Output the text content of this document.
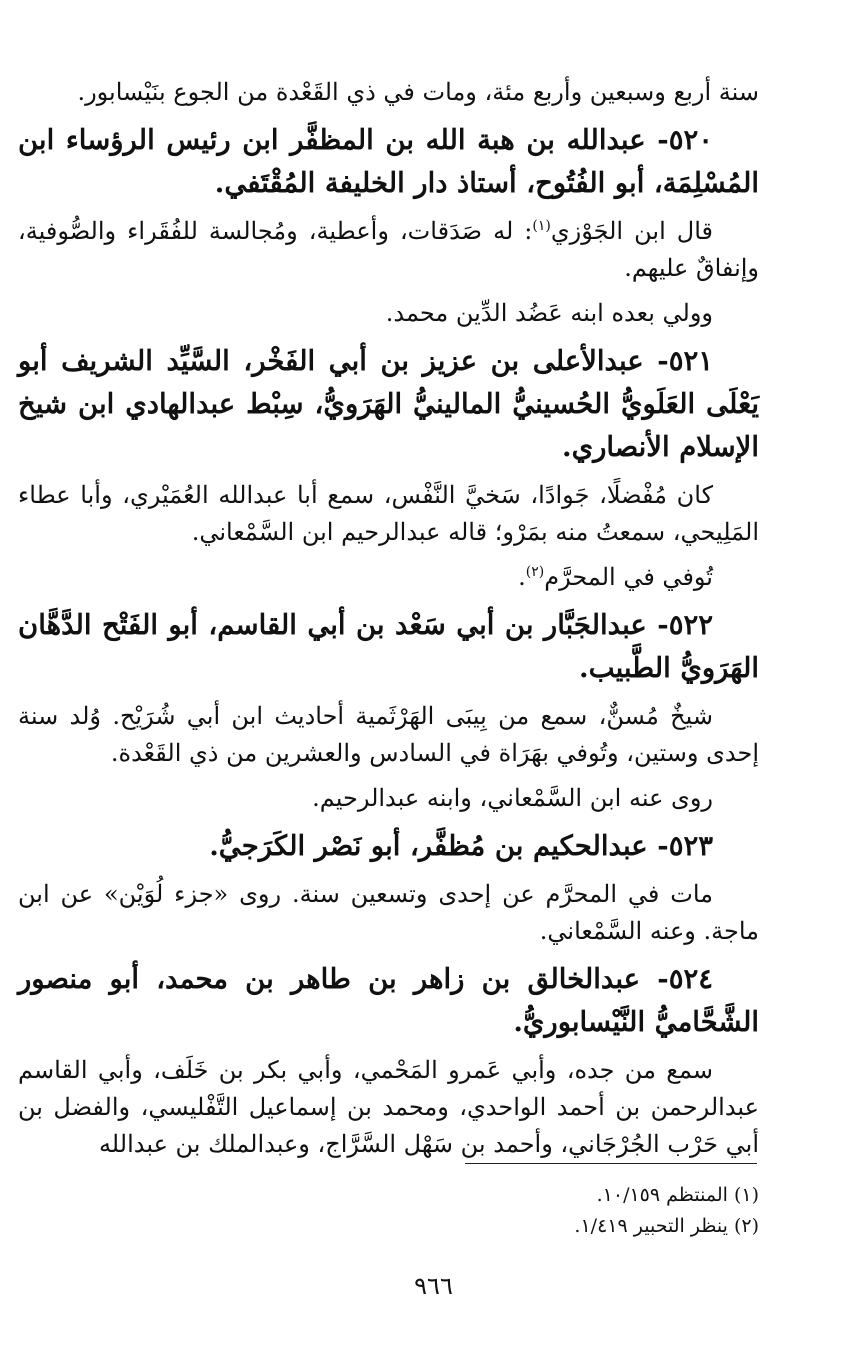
سنة أربع وسبعين وأربع مئة، ومات في ذي القَعْدة من الجوع بنَيْسابور.

٥٢٠- عبدالله بن هبة الله بن المظفَّر ابن رئيس الرؤساء ابن المُسْلِمَة، أبو الفُتُوح، أستاذ دار الخليفة المُقْتَفي.

قال ابن الجَوْزي$^{(١)}$: له صَدَقات، وأعطية، ومُجالسة للفُقَراء والصُّوفية، وإنفاقٌ عليهم.

وولي بعده ابنه عَضُد الدِّين محمد.

٥٢١- عبدالأعلى بن عزيز بن أبي الفَخْر، السَّيِّد الشريف أبو يَعْلَى العَلَويُّ الحُسينيُّ المالينيُّ الهَرَويُّ، سِبْط عبدالهادي ابن شيخ الإسلام الأنصاري.

كان مُفْضلًا، جَوادًا، سَخيَّ النَّفْس، سمع أبا عبدالله العُمَيْري، وأبا عطاء المَلِيحي، سمعتُ منه بمَرْو؛ قاله عبدالرحيم ابن السَّمْعاني.

تُوفي في المحرَّم$^{(٢)}$.

٥٢٢- عبدالجَبَّار بن أبي سَعْد بن أبي القاسم، أبو الفَتْح الدَّهَّان الهَرَويُّ الطَّبيب.

شيخٌ مُسنٌّ، سمع من بِيبَى الهَرْثَمية أحاديث ابن أبي شُرَيْح. وُلد سنة إحدى وستين، وتُوفي بهَرَاة في السادس والعشرين من ذي القَعْدة.

روى عنه ابن السَّمْعاني، وابنه عبدالرحيم.

٥٢٣- عبدالحكيم بن مُظفَّر، أبو نَصْر الكَرَجيُّ.

مات في المحرَّم عن إحدى وتسعين سنة. روى «جزء لُوَيْن» عن ابن ماجة. وعنه السَّمْعاني.

٥٢٤- عبدالخالق بن زاهر بن طاهر بن محمد، أبو منصور الشَّحَّاميُّ النَّيْسابوريُّ.

سمع من جده، وأبي عَمرو المَحْمي، وأبي بكر بن خَلَف، وأبي القاسم عبدالرحمن بن أحمد الواحدي، ومحمد بن إسماعيل التَّفْليسي، والفضل بن أبي حَرْب الجُرْجَاني، وأحمد بن سَهْل السَّرَّاج، وعبدالملك بن عبدالله

(١) المنتظم ١٠/١٥٩.

(٢) ينظر التحبير ١/٤١٩.

٩٦٦
